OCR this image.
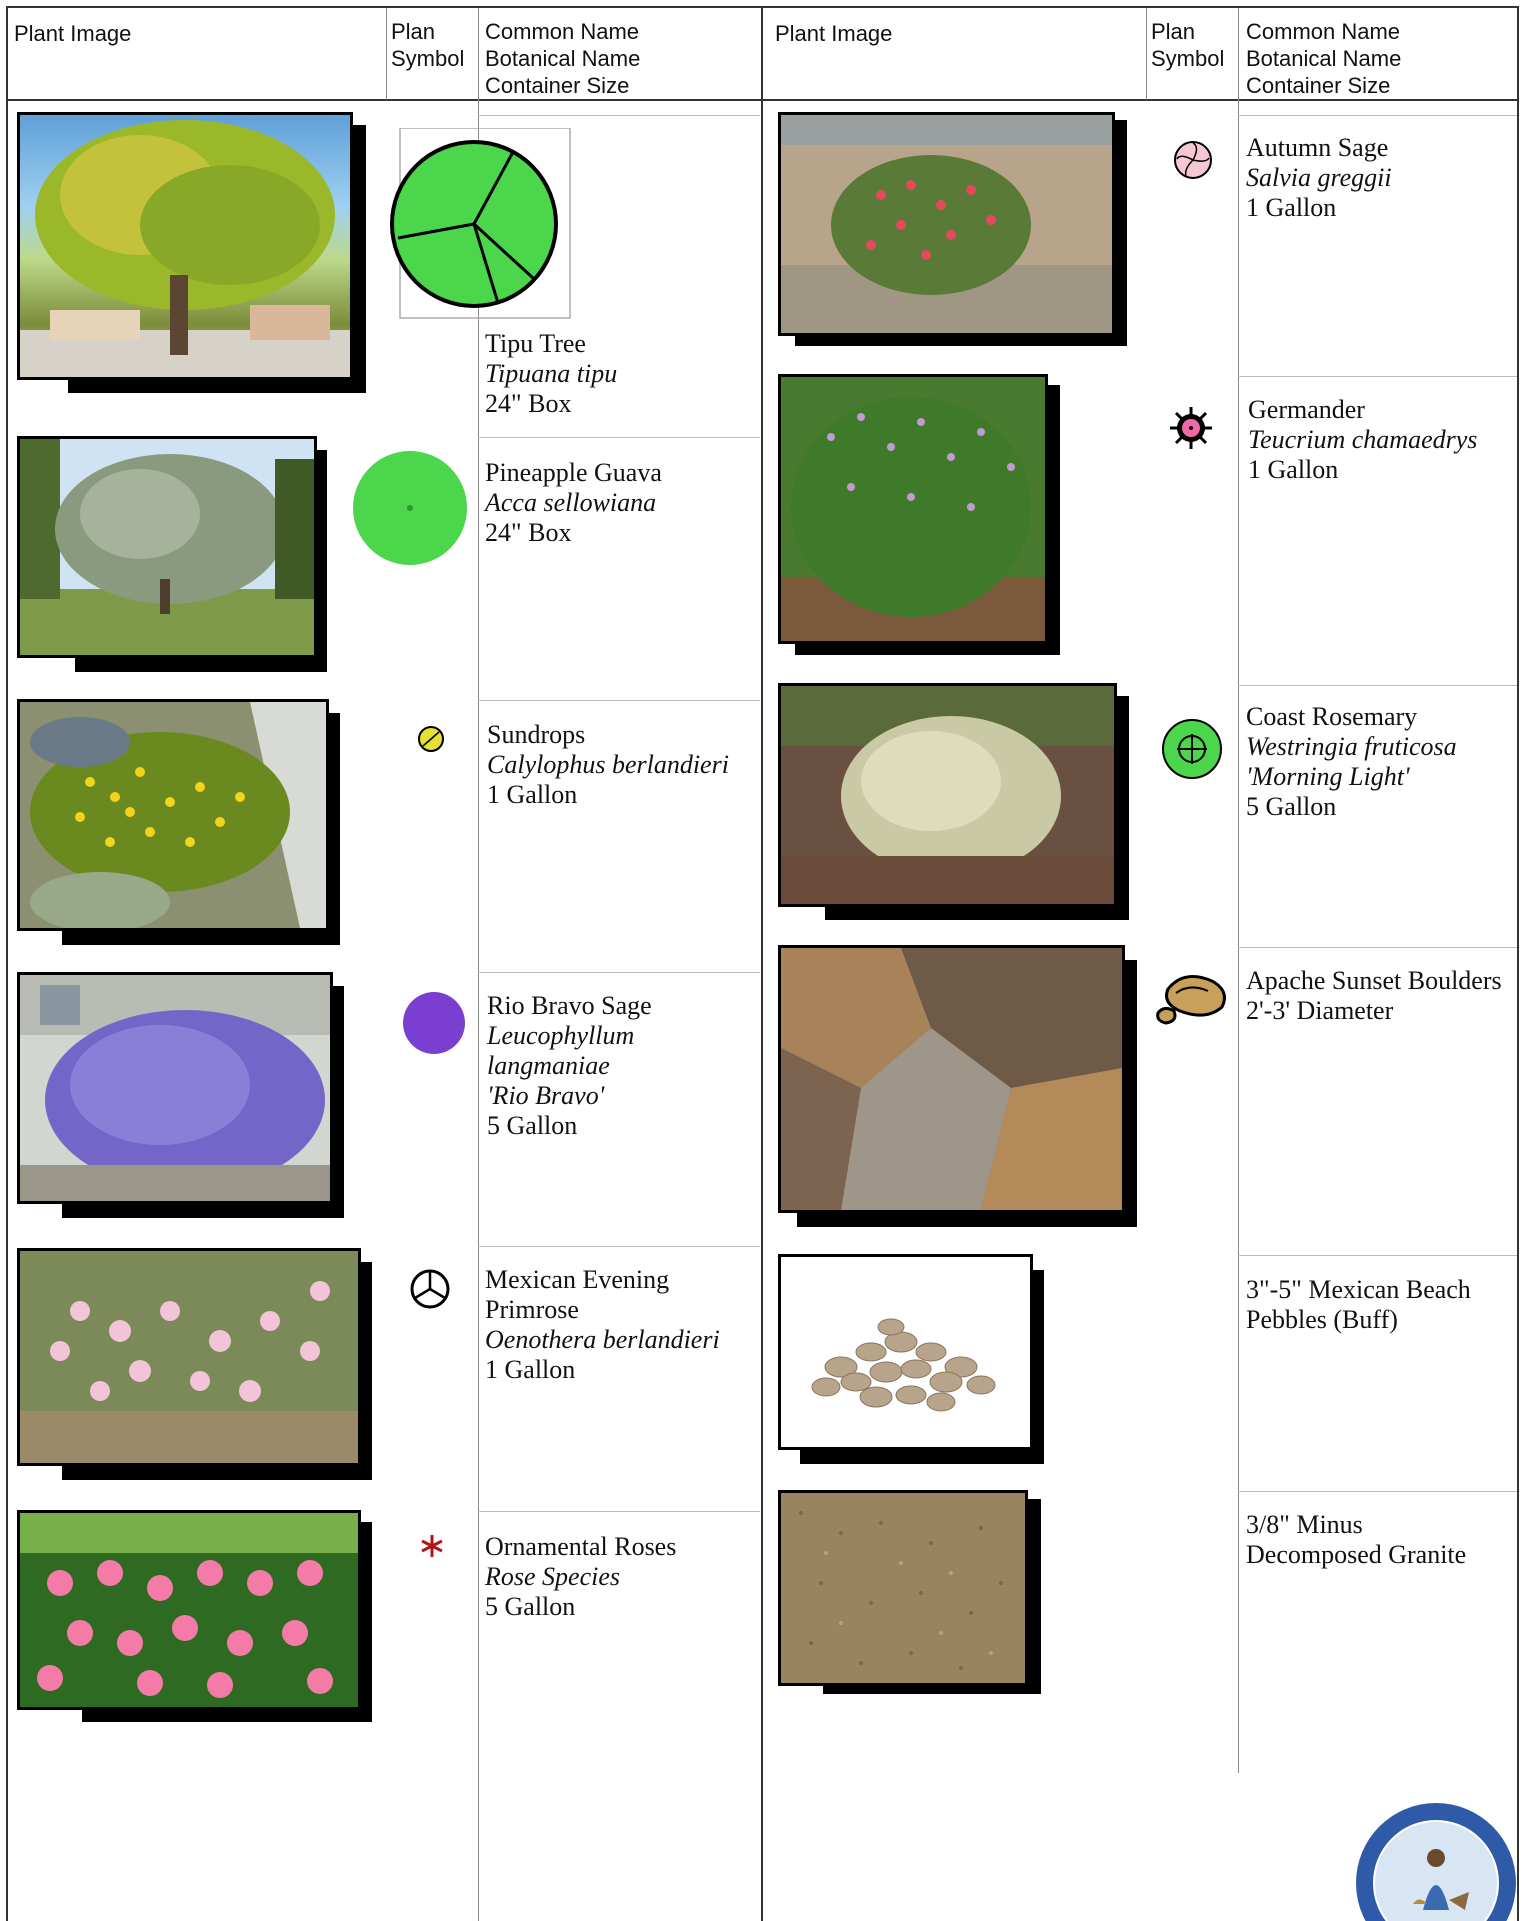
Plant Image	Plan
Symbol
Common Name
Botanical Name
Container Size
Plant Image	Plan
Symbol
Common Name
Botanical Name
Container Size
Tipu Tree
Tipuana tipu
24" Box
Pineapple Guava
Acca sellowiana
24" Box
Sundrops
Calylophus berlandieri
1 Gallon
Rio Bravo Sage
Leucophyllum
langmaniae
'Rio Bravo'
5 Gallon
Mexican Evening
Primrose
Oenothera berlandieri
1 Gallon
Ornamental Roses
Rose Species
5 Gallon
Autumn Sage
Salvia greggii
1 Gallon
Germander
Teucrium chamaedrys
1 Gallon
Coast Rosemary
Westringia fruticosa
'Morning Light'
5 Gallon
Apache Sunset Boulders
2'-3' Diameter
3"-5" Mexican Beach
Pebbles (Buff)
3/8" Minus
Decomposed Granite
